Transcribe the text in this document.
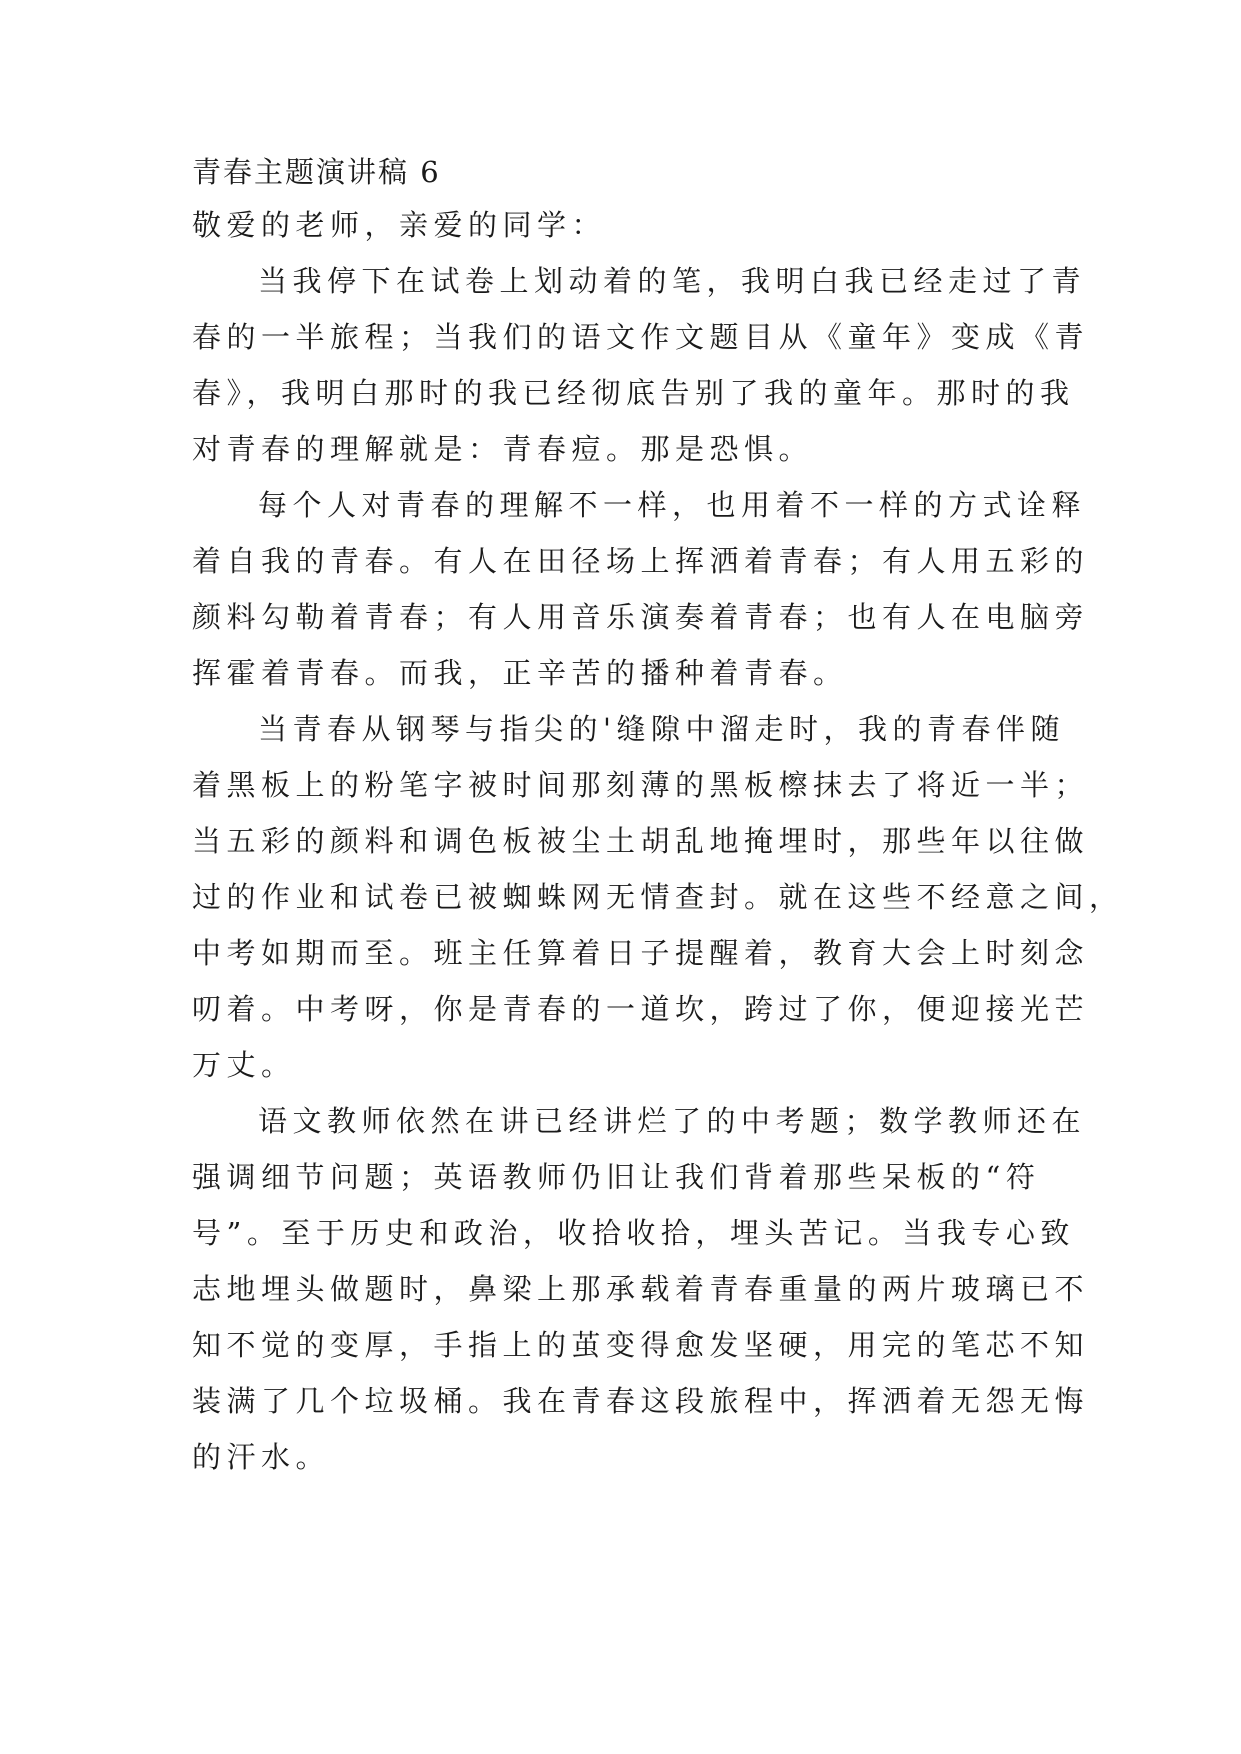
青春主题演讲稿 6
敬爱的老师，亲爱的同学：
当我停下在试卷上划动着的笔，我明白我已经走过了青
春的一半旅程；当我们的语文作文题目从《童年》变成《青
春》，我明白那时的我已经彻底告别了我的童年。那时的我
对青春的理解就是：青春痘。那是恐惧。
每个人对青春的理解不一样，也用着不一样的方式诠释
着自我的青春。有人在田径场上挥洒着青春；有人用五彩的
颜料勾勒着青春；有人用音乐演奏着青春；也有人在电脑旁
挥霍着青春。而我，正辛苦的播种着青春。
当青春从钢琴与指尖的'缝隙中溜走时，我的青春伴随
着黑板上的粉笔字被时间那刻薄的黑板檫抹去了将近一半；
当五彩的颜料和调色板被尘土胡乱地掩埋时，那些年以往做
过的作业和试卷已被蜘蛛网无情查封。就在这些不经意之间，
中考如期而至。班主任算着日子提醒着，教育大会上时刻念
叨着。中考呀，你是青春的一道坎，跨过了你，便迎接光芒
万丈。
语文教师依然在讲已经讲烂了的中考题；数学教师还在
强调细节问题；英语教师仍旧让我们背着那些呆板的“符
号”。至于历史和政治，收拾收拾，埋头苦记。当我专心致
志地埋头做题时，鼻梁上那承载着青春重量的两片玻璃已不
知不觉的变厚，手指上的茧变得愈发坚硬，用完的笔芯不知
装满了几个垃圾桶。我在青春这段旅程中，挥洒着无怨无悔
的汗水。
